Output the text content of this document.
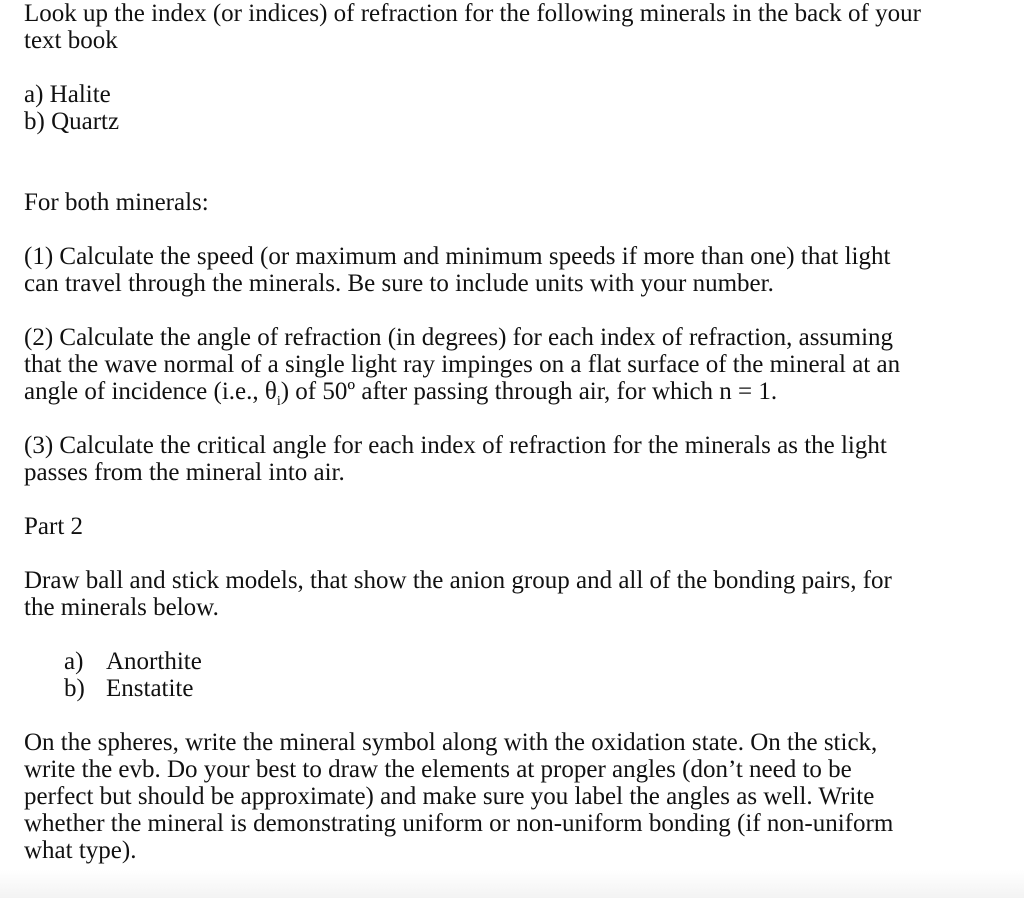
Look up the index (or indices) of refraction for the following minerals in the back of your
text book
a) Halite
b) Quartz
For both minerals:
(1) Calculate the speed (or maximum and minimum speeds if more than one) that light
can travel through the minerals. Be sure to include units with your number.
(2) Calculate the angle of refraction (in degrees) for each index of refraction, assuming
that the wave normal of a single light ray impinges on a flat surface of the mineral at an
angle of incidence (i.e., $\theta_i$) of 50º after passing through air, for which n = 1.
(3) Calculate the critical angle for each index of refraction for the minerals as the light
passes from the mineral into air.
Part 2
Draw ball and stick models, that show the anion group and all of the bonding pairs, for
the minerals below.
a) Anorthite
b) Enstatite
On the spheres, write the mineral symbol along with the oxidation state. On the stick,
write the evb. Do your best to draw the elements at proper angles (don’t need to be
perfect but should be approximate) and make sure you label the angles as well. Write
whether the mineral is demonstrating uniform or non-uniform bonding (if non-uniform
what type).
